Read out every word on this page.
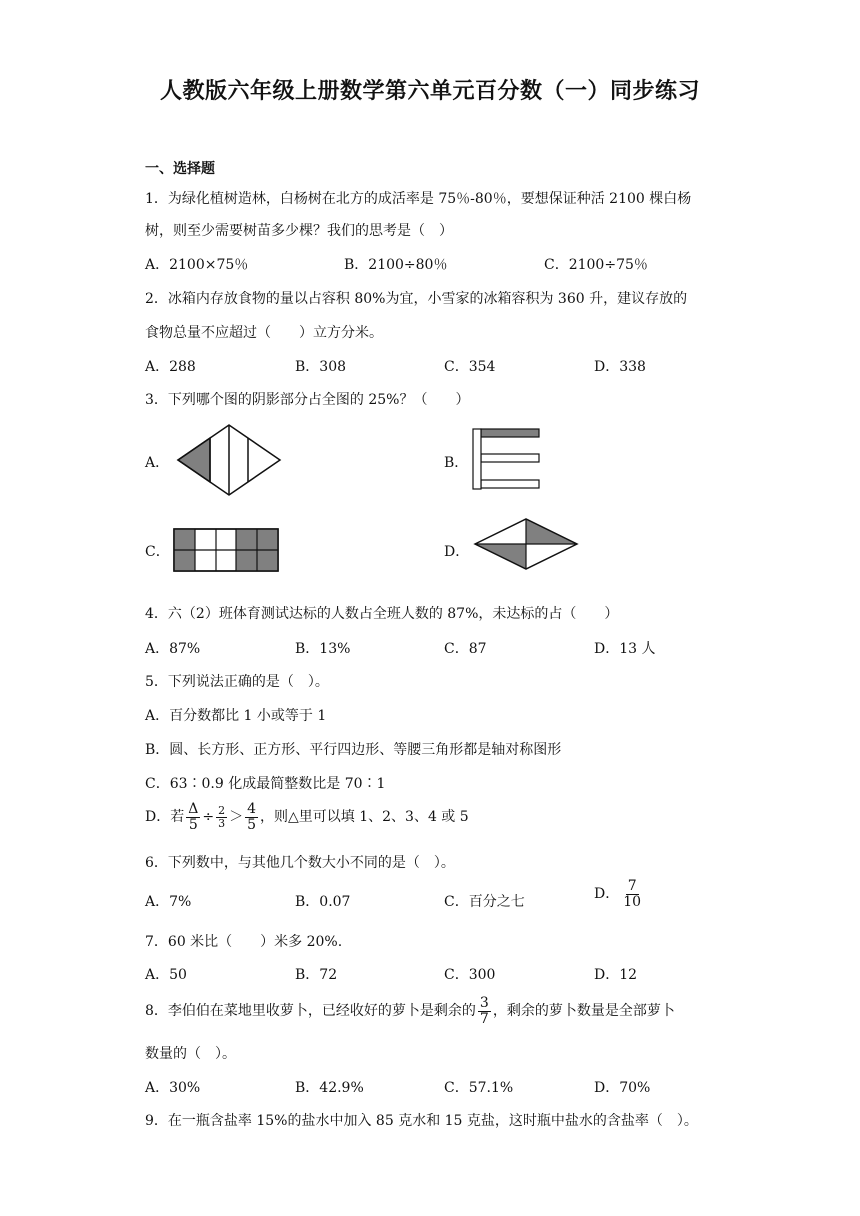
人教版六年级上册数学第六单元百分数（一）同步练习
一、选择题
1．为绿化植树造林，白杨树在北方的成活率是 75％-80％，要想保证种活 2100 棵白杨
树，则至少需要树苗多少棵？我们的思考是（　）
A．2100×75％	B．2100÷80％	C．2100÷75％
2．冰箱内存放食物的量以占容积 80%为宜，小雪家的冰箱容积为 360 升，建议存放的
食物总量不应超过（　　）立方分米。
A．288	B．308	C．354	D．338
3．下列哪个图的阴影部分占全图的 25%？（　　）
A．	B．
C．	D．
4．六（2）班体育测试达标的人数占全班人数的 87%，未达标的占（　　）
A．87%	B．13%	C．87	D．13 人
5．下列说法正确的是（　）。
A．百分数都比 1 小或等于 1
B．圆、长方形、正方形、平行四边形、等腰三角形都是轴对称图形
C．63∶0.9 化成最简整数比是 70∶1
D．若 $\frac{\Delta}{5} \div \frac{2}{3} > \frac{4}{5}$ ，则△里可以填 1、2、3、4 或 5
6．下列数中，与其他几个数大小不同的是（　）。
A．7%	B．0.07	C．百分之七	D． $\frac{7}{10}$
7．60 米比（　　）米多 20%.
A．50	B．72	C．300	D．12
8．李伯伯在菜地里收萝卜，已经收好的萝卜是剩余的 $\frac{3}{7}$ ，剩余的萝卜数量是全部萝卜
数量的（　）。
A．30%	B．42.9%	C．57.1%	D．70%
9．在一瓶含盐率 15%的盐水中加入 85 克水和 15 克盐，这时瓶中盐水的含盐率（　）。
